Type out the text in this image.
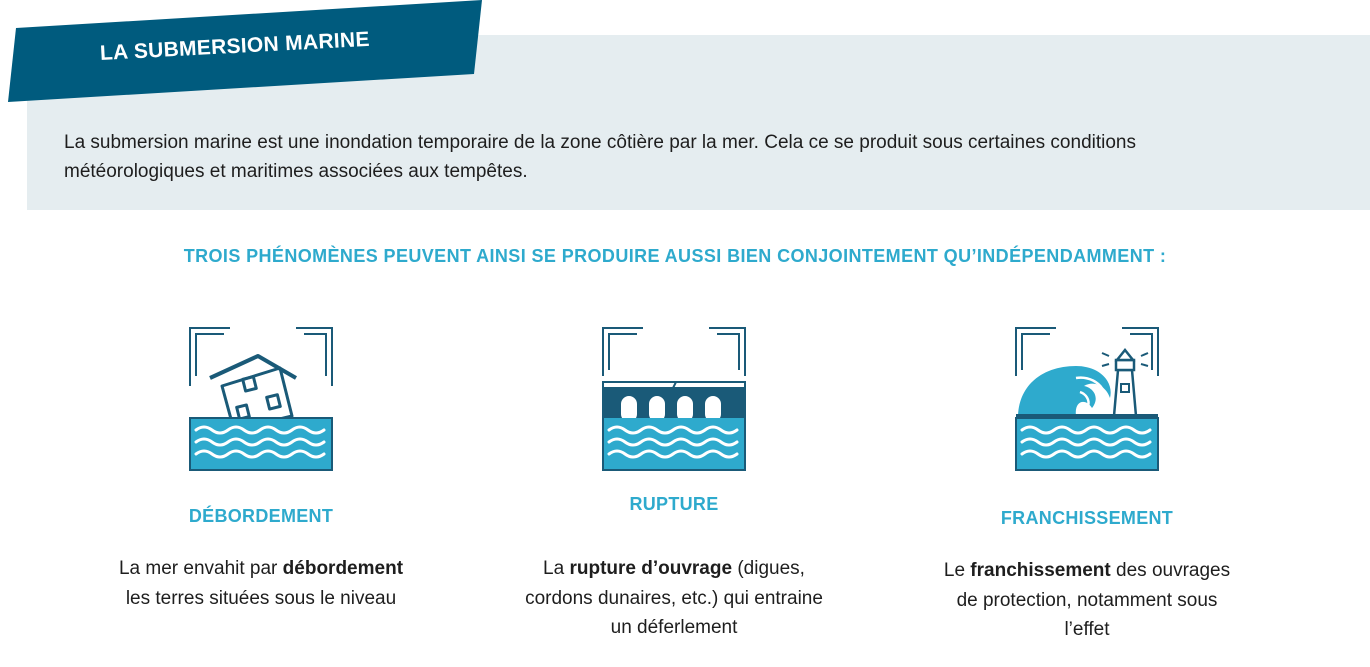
LA SUBMERSION MARINE

La submersion marine est une inondation temporaire de la zone côtière par la mer. Cela ce se produit sous certaines conditions météorologiques et maritimes associées aux tempêtes.

TROIS PHÉNOMÈNES PEUVENT AINSI SE PRODUIRE AUSSI BIEN CONJOINTEMENT QU’INDÉPENDAMMENT :

DÉBORDEMENT

La mer envahit par débordement les terres situées sous le niveau

RUPTURE

La rupture d’ouvrage (digues, cordons dunaires, etc.) qui entraine un déferlement

FRANCHISSEMENT

Le franchissement des ouvrages de protection, notamment sous l’effet
